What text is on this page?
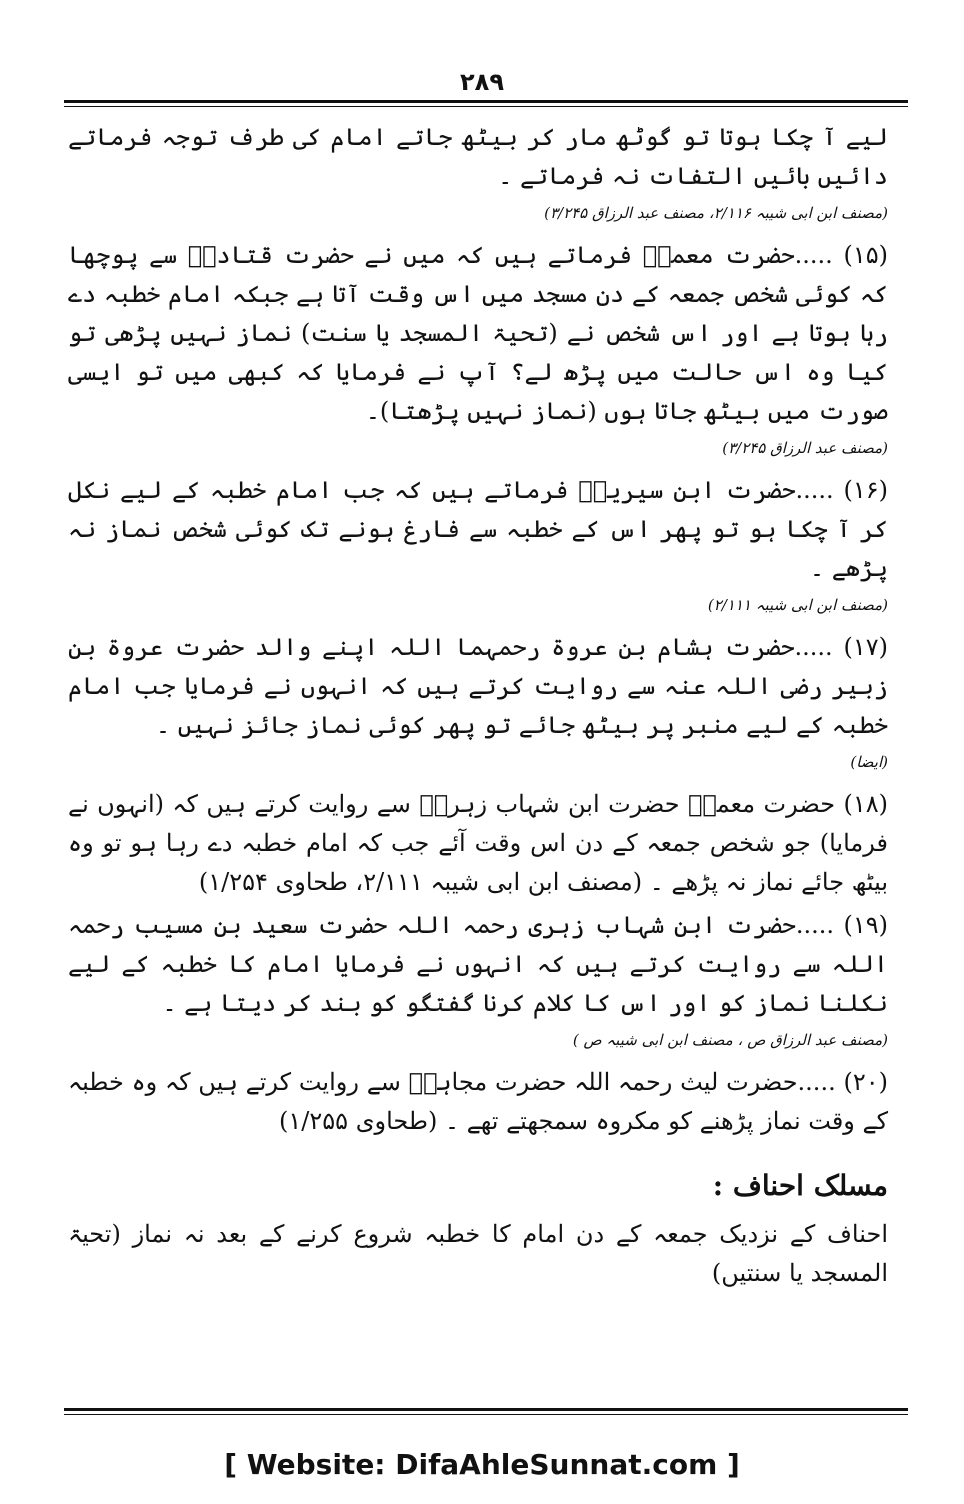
۲۸۹

لیے آ چکا ہوتا تو گوٹھ مار کر بیٹھ جاتے امام کی طرف توجہ فرماتے دائیں بائیں التفات نہ فرماتے ۔

(مصنف ابن ابی شیبہ ۲/۱۱۶، مصنف عبد الرزاق ۳/۲۴۵)

(۱۵) .....حضرت معمرؒ فرماتے ہیں کہ میں نے حضرت قتادہؒ سے پوچھا کہ کوئی شخص جمعہ کے دن مسجد میں اس وقت آتا ہے جبکہ امام خطبہ دے رہا ہوتا ہے اور اس شخص نے (تحیۃ المسجد یا سنت) نماز نہیں پڑھی تو کیا وہ اس حالت میں پڑھ لے؟ آپ نے فرمایا کہ کبھی میں تو ایسی صورت میں بیٹھ جاتا ہوں (نماز نہیں پڑھتا)۔

(مصنف عبد الرزاق ۳/۲۴۵)

(۱۶) .....حضرت ابن سیرینؒ فرماتے ہیں کہ جب امام خطبہ کے لیے نکل کر آ چکا ہو تو پھر اس کے خطبہ سے فارغ ہونے تک کوئی شخص نماز نہ پڑھے ۔

(مصنف ابن ابی شیبہ ۲/۱۱۱)

(۱۷) .....حضرت ہشام بن عروۃ رحمہما اللہ اپنے والد حضرت عروۃ بن زبیر رضی اللہ عنہ سے روایت کرتے ہیں کہ انہوں نے فرمایا جب امام خطبہ کے لیے منبر پر بیٹھ جائے تو پھر کوئی نماز جائز نہیں ۔

(ایضا)

(۱۸) حضرت معمرؒ حضرت ابن شہاب زہریؒ سے روایت کرتے ہیں کہ (انہوں نے فرمایا) جو شخص جمعہ کے دن اس وقت آئے جب کہ امام خطبہ دے رہا ہو تو وہ بیٹھ جائے نماز نہ پڑھے ۔ (مصنف ابن ابی شیبہ ۲/۱۱۱، طحاوی ۱/۲۵۴)

(۱۹) .....حضرت ابن شہاب زہری رحمہ اللہ حضرت سعید بن مسیب رحمہ اللہ سے روایت کرتے ہیں کہ انہوں نے فرمایا امام کا خطبہ کے لیے نکلنا نماز کو اور اس کا کلام کرنا گفتگو کو بند کر دیتا ہے ۔

(مصنف عبد الرزاق ص ، مصنف ابن ابی شیبہ ص )

(۲۰) .....حضرت لیث رحمہ اللہ حضرت مجاہدؒ سے روایت کرتے ہیں کہ وہ خطبہ کے وقت نماز پڑھنے کو مکروہ سمجھتے تھے ۔ (طحاوی ۱/۲۵۵)

مسلک احناف :

احناف کے نزدیک جمعہ کے دن امام کا خطبہ شروع کرنے کے بعد نہ نماز (تحیۃ المسجد یا سنتیں)

[ Website: DifaAhleSunnat.com ]
